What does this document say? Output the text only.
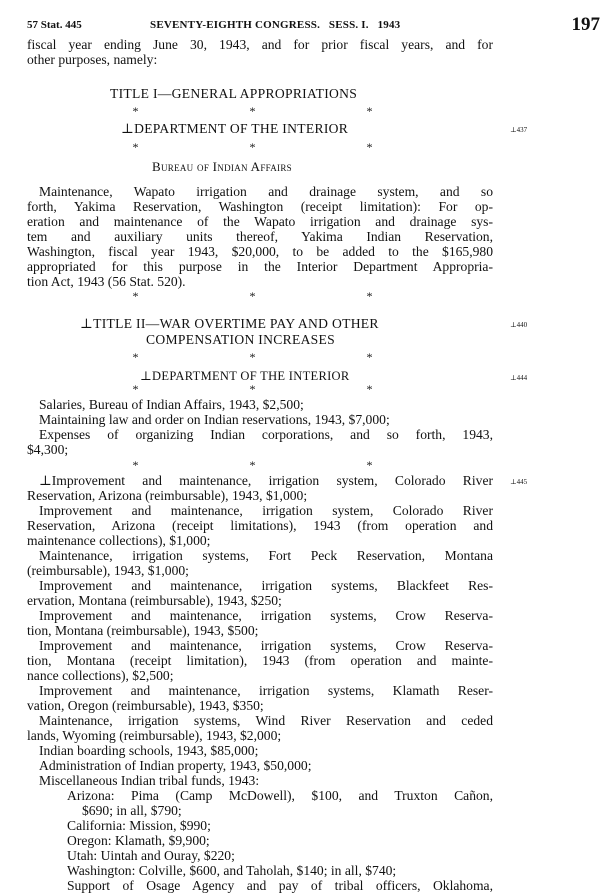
57 Stat. 445	SEVENTY-EIGHTH CONGRESS.   SESS. I.   1943	197
fiscal year ending June 30, 1943, and for prior fiscal years, and for
other purposes, namely:
TITLE I—GENERAL APPROPRIATIONS
*	*	*
⊥DEPARTMENT OF THE INTERIOR	⊥437
*	*	*
Bureau of Indian Affairs
Maintenance, Wapato irrigation and drainage system, and so
forth, Yakima Reservation, Washington (receipt limitation): For op-
eration and maintenance of the Wapato irrigation and drainage sys-
tem and auxiliary units thereof, Yakima Indian Reservation,
Washington, fiscal year 1943, $20,000, to be added to the $165,980
appropriated for this purpose in the Interior Department Appropria-
tion Act, 1943 (56 Stat. 520).
*	*	*
⊥TITLE II—WAR OVERTIME PAY AND OTHER	⊥440
COMPENSATION INCREASES
*	*	*
⊥DEPARTMENT OF THE INTERIOR	⊥444
*	*	*
Salaries, Bureau of Indian Affairs, 1943, $2,500;
Maintaining law and order on Indian reservations, 1943, $7,000;
Expenses of organizing Indian corporations, and so forth, 1943,
$4,300;
*	*	*
⊥445
⊥Improvement and maintenance, irrigation system, Colorado River
Reservation, Arizona (reimbursable), 1943, $1,000;
Improvement and maintenance, irrigation system, Colorado River
Reservation, Arizona (receipt limitations), 1943 (from operation and
maintenance collections), $1,000;
Maintenance, irrigation systems, Fort Peck Reservation, Montana
(reimbursable), 1943, $1,000;
Improvement and maintenance, irrigation systems, Blackfeet Res-
ervation, Montana (reimbursable), 1943, $250;
Improvement and maintenance, irrigation systems, Crow Reserva-
tion, Montana (reimbursable), 1943, $500;
Improvement and maintenance, irrigation systems, Crow Reserva-
tion, Montana (receipt limitation), 1943 (from operation and mainte-
nance collections), $2,500;
Improvement and maintenance, irrigation systems, Klamath Reser-
vation, Oregon (reimbursable), 1943, $350;
Maintenance, irrigation systems, Wind River Reservation and ceded
lands, Wyoming (reimbursable), 1943, $2,000;
Indian boarding schools, 1943, $85,000;
Administration of Indian property, 1943, $50,000;
Miscellaneous Indian tribal funds, 1943:
Arizona: Pima (Camp McDowell), $100, and Truxton Cañon,
$690; in all, $790;
California: Mission, $990;
Oregon: Klamath, $9,900;
Utah: Uintah and Ouray, $220;
Washington: Colville, $600, and Taholah, $140; in all, $740;
Support of Osage Agency and pay of tribal officers, Oklahoma,
